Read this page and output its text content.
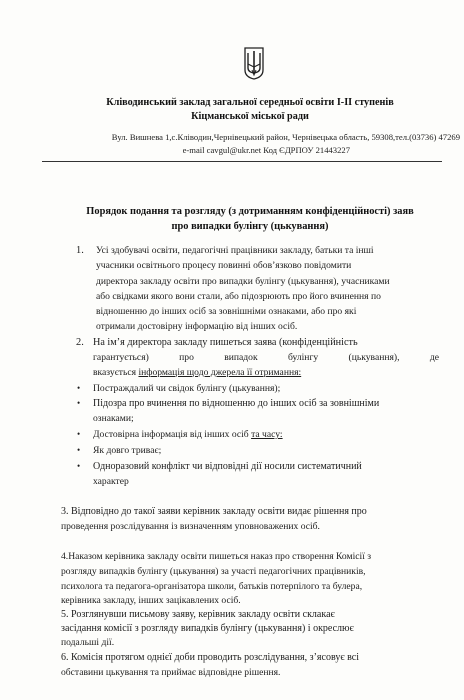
Кліводинський заклад загальної середньої освіти І-ІІ ступенів
Кіцманської міської ради
Вул. Вишнева 1,с.Кліводин,Чернівецький район, Чернівецька область, 59308,тел.(03736) 47269
e-mail cavgul@ukr.net Код ЄДРПОУ 21443227
Порядок подання та розгляду (з дотриманням конфіденційності) заяв
про випадки булінгу (цькування)
1. Усі здобувачі освіти, педагогічні працівники закладу, батьки та інші
учасники освітнього процесу повинні обов’язково повідомити
директора закладу освіти про випадки булінгу (цькування), учасниками
або свідками якого вони стали, або підозрюють про його вчинення по
відношенню до інших осіб за зовнішніми ознаками, або про які
отримали достовірну інформацію від інших осіб.
2. На ім’я директора закладу пишеться заява (конфіденційність
гарантується)	про	випадок	булінгу	(цькування),	де
вказується інформація щодо джерела її отримання:
• Постраждалий чи свідок булінгу (цькування);
• Підозра про вчинення по відношенню до інших осіб за зовнішніми
ознаками;
• Достовірна інформація від інших осіб та часу:
• Як довго триває;
• Одноразовий конфлікт чи відповідні дії носили систематичний
характер
3. Відповідно до такої заяви керівник закладу освіти видає рішення про
проведення розслідування із визначенням уповноважених осіб.
4.Наказом керівника закладу освіти пишеться наказ про створення Комісії з
розгляду випадків булінгу (цькування) за участі педагогічних працівників,
психолога та педагога-організатора школи, батьків потерпілого та булера,
керівника закладу, інших зацікавлених осіб.
5. Розглянувши письмову заяву, керівник закладу освіти склакає
засідання комісії з розгляду випадків булінгу (цькування) і окреслює
подальші дії.
6. Комісія протягом однієї доби проводить розслідування, з’ясовує всі
обставини цькування та приймає відповідне рішення.
